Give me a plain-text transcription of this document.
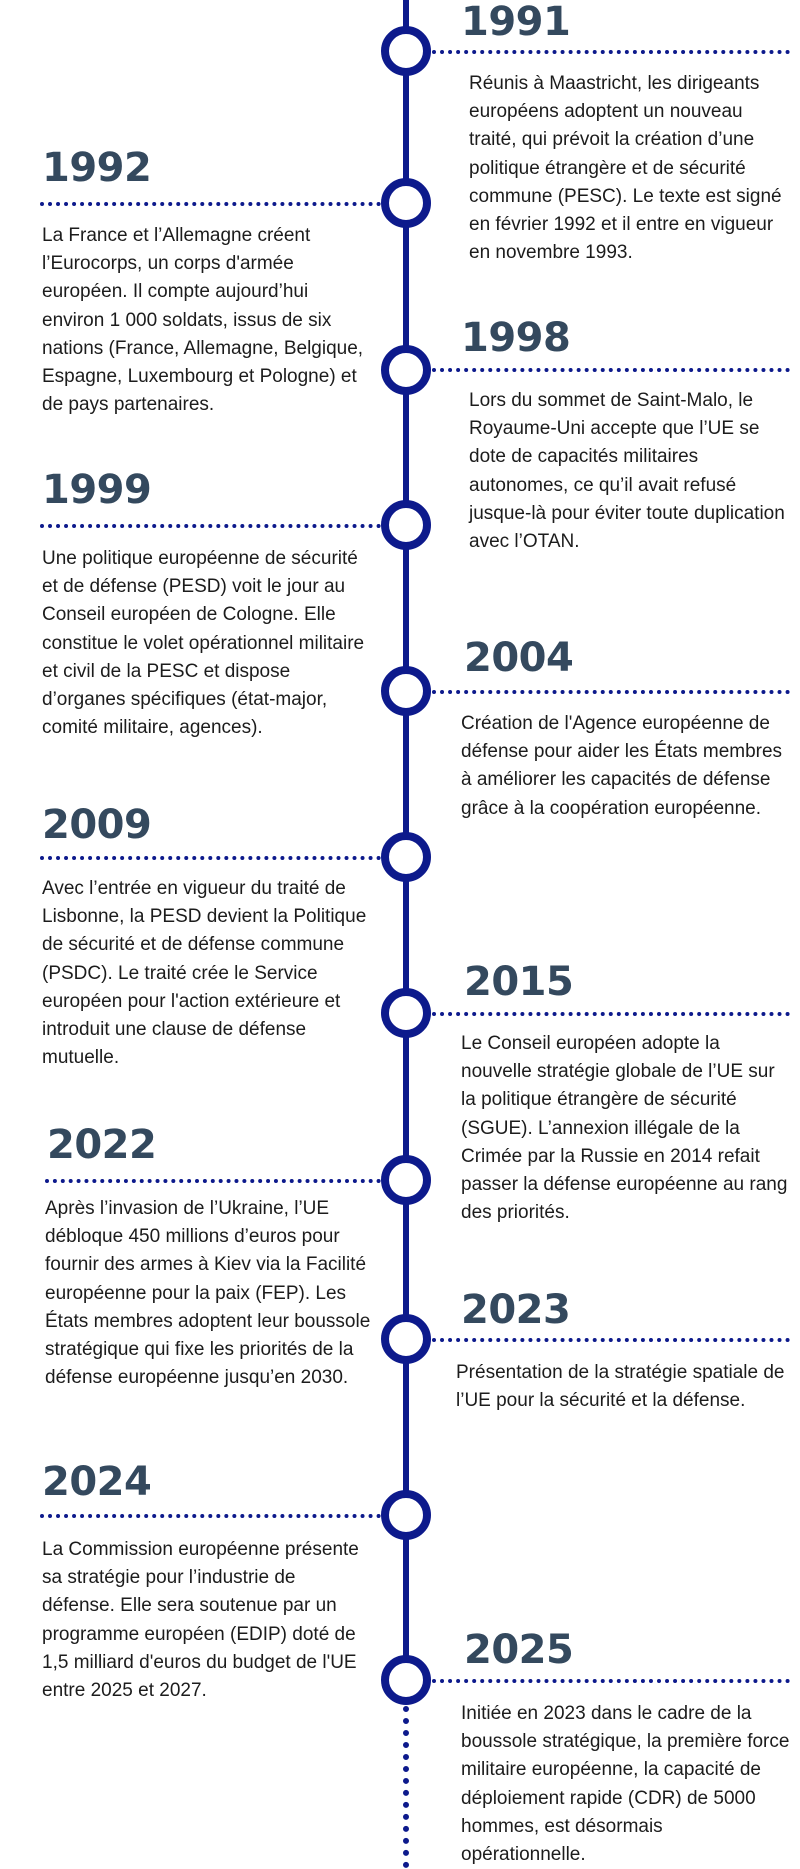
1991

Réunis à Maastricht, les dirigeants européens adoptent un nouveau traité, qui prévoit la création d’une politique étrangère et de sécurité commune (PESC). Le texte est signé en février 1992 et il entre en vigueur en novembre 1993.

1992

La France et l’Allemagne créent l’Eurocorps, un corps d'armée européen. Il compte aujourd’hui environ 1 000 soldats, issus de six nations (France, Allemagne, Belgique, Espagne, Luxembourg et Pologne) et de pays partenaires.

1998

Lors du sommet de Saint-Malo, le Royaume-Uni accepte que l’UE se dote de capacités militaires autonomes, ce qu’il avait refusé jusque-là pour éviter toute duplication avec l’OTAN.

1999

Une politique européenne de sécurité et de défense (PESD) voit le jour au Conseil européen de Cologne. Elle constitue le volet opérationnel militaire et civil de la PESC et dispose d’organes spécifiques (état-major, comité militaire, agences).

2004

Création de l'Agence européenne de défense pour aider les États membres à améliorer les capacités de défense grâce à la coopération européenne.

2009

Avec l’entrée en vigueur du traité de Lisbonne, la PESD devient la Politique de sécurité et de défense commune (PSDC). Le traité crée le Service européen pour l'action extérieure et introduit une clause de défense mutuelle.

2015

Le Conseil européen adopte la nouvelle stratégie globale de l’UE sur la politique étrangère de sécurité (SGUE). L’annexion illégale de la Crimée par la Russie en 2014 refait passer la défense européenne au rang des priorités.

2022

Après l’invasion de l’Ukraine, l’UE débloque 450 millions d’euros pour fournir des armes à Kiev via la Facilité européenne pour la paix (FEP). Les États membres adoptent leur boussole stratégique qui fixe les priorités de la défense européenne jusqu’en 2030.

2023

Présentation de la stratégie spatiale de l’UE pour la sécurité et la défense.

2024

La Commission européenne présente sa stratégie pour l’industrie de défense. Elle sera soutenue par un programme européen (EDIP) doté de 1,5 milliard d'euros du budget de l'UE entre 2025 et 2027.

2025

Initiée en 2023 dans le cadre de la boussole stratégique, la première force militaire européenne, la capacité de déploiement rapide (CDR) de 5000 hommes, est désormais opérationnelle.
